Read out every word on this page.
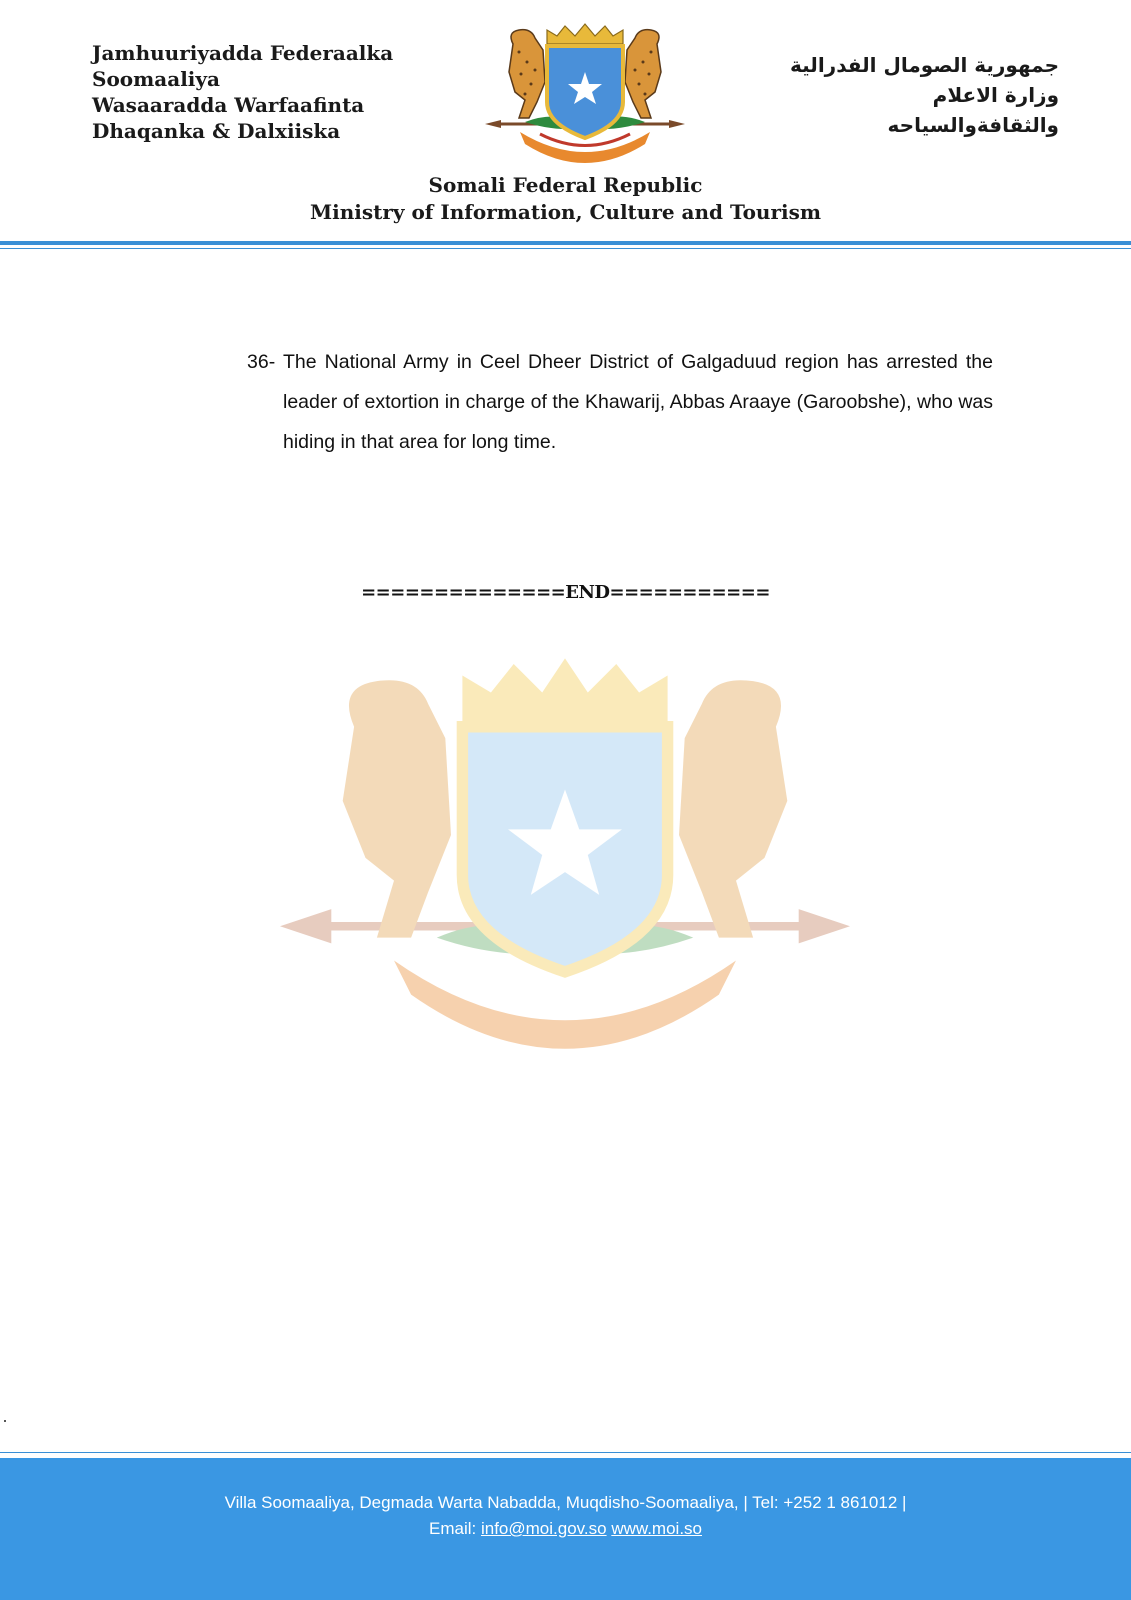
Jamhuuriyadda Federaalka
Soomaaliya
Wasaaradda Warfaafinta
Dhaqanka & Dalxiiska
جمهورية الصومال الفدرالية
وزارة الاعلام
والثقافةوالسياحه
Somali Federal Republic
Ministry of Information, Culture and Tourism
36- The National Army in Ceel Dheer District of Galgaduud region has arrested the leader of extortion in charge of the Khawarij, Abbas Araaye (Garoobshe), who was hiding in that area for long time.
==============END===========
Villa Soomaaliya, Degmada Warta Nabadda, Muqdisho-Soomaaliya, | Tel: +252 1 861012 |
Email: info@moi.gov.so www.moi.so
